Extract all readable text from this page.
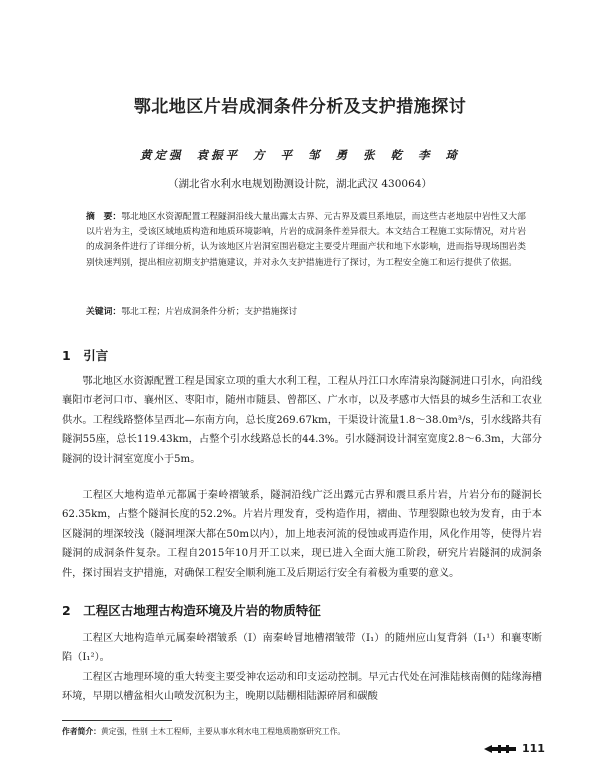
鄂北地区片岩成洞条件分析及支护措施探讨
黄定强 袁振平 方 平 邹 勇 张 乾 李 琦
（湖北省水利水电规划勘测设计院，湖北武汉 430064）
摘　要：鄂北地区水资源配置工程隧洞沿线大量出露太古界、元古界及震旦系地层，而这些古老地层中岩性又大部以片岩为主，受该区域地质构造和地质环境影响，片岩的成洞条件差异很大。本文结合工程施工实际情况，对片岩的成洞条件进行了详细分析，认为该地区片岩洞室围岩稳定主要受片理面产状和地下水影响，进而指导现场围岩类别快速判别，提出相应初期支护措施建议，并对永久支护措施进行了探讨，为工程安全施工和运行提供了依据。
关键词：鄂北工程；片岩成洞条件分析；支护措施探讨
1　引言
鄂北地区水资源配置工程是国家立项的重大水利工程，工程从丹江口水库清泉沟隧洞进口引水，向沿线襄阳市老河口市、襄州区、枣阳市，随州市随县、曾都区、广水市，以及孝感市大悟县的城乡生活和工农业供水。工程线路整体呈西北—东南方向，总长度269.67km，干渠设计流量1.8～38.0m³/s，引水线路共有隧洞55座，总长119.43km，占整个引水线路总长的44.3%。引水隧洞设计洞室宽度2.8～6.3m，大部分隧洞的设计洞室宽度小于5m。
工程区大地构造单元都属于秦岭褶皱系，隧洞沿线广泛出露元古界和震旦系片岩，片岩分布的隧洞长62.35km，占整个隧洞长度的52.2%。片岩片理发育，受构造作用，褶曲、节理裂隙也较为发育，由于本区隧洞的埋深较浅（隧洞埋深大都在50m以内），加上地表河流的侵蚀或再造作用，风化作用等，使得片岩隧洞的成洞条件复杂。工程自2015年10月开工以来，现已进入全面大施工阶段，研究片岩隧洞的成洞条件，探讨围岩支护措施，对确保工程安全顺利施工及后期运行安全有着极为重要的意义。
2　工程区古地理古构造环境及片岩的物质特征
工程区大地构造单元属秦岭褶皱系（Ⅰ）南秦岭冒地槽褶皱带（Ⅰ₁）的随州应山复背斜（Ⅰ₁¹）和襄枣断陷（Ⅰ₁²）。
工程区古地理环境的重大转变主要受神农运动和印支运动控制。早元古代处在河淮陆核南侧的陆缘海槽环境，早期以槽盆相火山喷发沉积为主，晚期以陆棚相陆源碎屑和碳酸
作者简介：黄定强，性别 土木工程师，主要从事水利水电工程地质勘察研究工作。
111
